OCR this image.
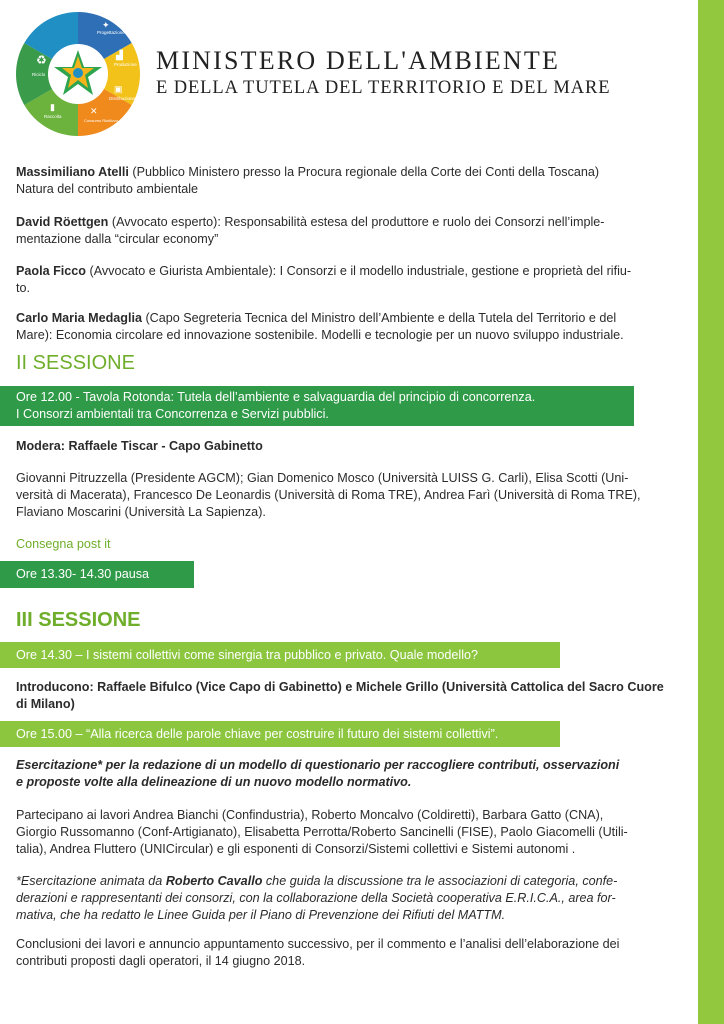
Progettazione
Produzione
Distribuzione
Consumo Riutilizzo
Raccolta
Riciclo
♻
✦
▟
▣
✕
▮
MINISTERO DELL'AMBIENTE
E DELLA TUTELA DEL TERRITORIO E DEL MARE

Massimiliano Atelli (Pubblico Ministero presso la Procura regionale della Corte dei Conti della Toscana)
Natura del contributo ambientale

David Röettgen (Avvocato esperto): Responsabilità estesa del produttore e ruolo dei Consorzi nell’imple-
mentazione dalla “circular economy”

Paola Ficco (Avvocato e Giurista Ambientale): I Consorzi e il modello industriale, gestione e proprietà del rifiu-
to.

Carlo Maria Medaglia (Capo Segreteria Tecnica del Ministro dell’Ambiente e della Tutela del Territorio e del
Mare): Economia circolare ed innovazione sostenibile. Modelli e tecnologie per un nuovo sviluppo industriale.

II SESSIONE
Ore 12.00 - Tavola Rotonda: Tutela dell’ambiente e salvaguardia del principio di concorrenza.
I Consorzi ambientali tra Concorrenza e Servizi pubblici.

Modera: Raffaele Tiscar - Capo Gabinetto

Giovanni Pitruzzella (Presidente AGCM); Gian Domenico Mosco (Università LUISS G. Carli), Elisa Scotti (Uni-
versità di Macerata), Francesco De Leonardis (Università di Roma TRE), Andrea Farì (Università di Roma TRE),
Flaviano Moscarini (Università La Sapienza).

Consegna post it
Ore 13.30- 14.30 pausa
III SESSIONE
Ore 14.30 – I sistemi collettivi come sinergia tra pubblico e privato. Quale modello?

Introducono: Raffaele Bifulco (Vice Capo di Gabinetto) e Michele Grillo (Università Cattolica del Sacro Cuore
di Milano)

Ore 15.00 – “Alla ricerca delle parole chiave per costruire il futuro dei sistemi collettivi”.

Esercitazione* per la redazione di un modello di questionario per raccogliere contributi, osservazioni
e proposte volte alla delineazione di un nuovo modello normativo.

Partecipano ai lavori Andrea Bianchi (Confindustria), Roberto Moncalvo (Coldiretti), Barbara Gatto (CNA),
Giorgio Russomanno (Conf-Artigianato), Elisabetta Perrotta/Roberto Sancinelli (FISE), Paolo Giacomelli (Utili-
talia), Andrea Fluttero (UNICircular) e gli esponenti di Consorzi/Sistemi collettivi e Sistemi autonomi .

*Esercitazione animata da Roberto Cavallo che guida la discussione tra le associazioni di categoria, confe-
derazioni e rappresentanti dei consorzi, con la collaborazione della Società cooperativa E.R.I.C.A., area for-
mativa, che ha redatto le Linee Guida per il Piano di Prevenzione dei Rifiuti del MATTM.

Conclusioni dei lavori e annuncio appuntamento successivo, per il commento e l’analisi dell’elaborazione dei
contributi proposti dagli operatori, il 14 giugno 2018.
